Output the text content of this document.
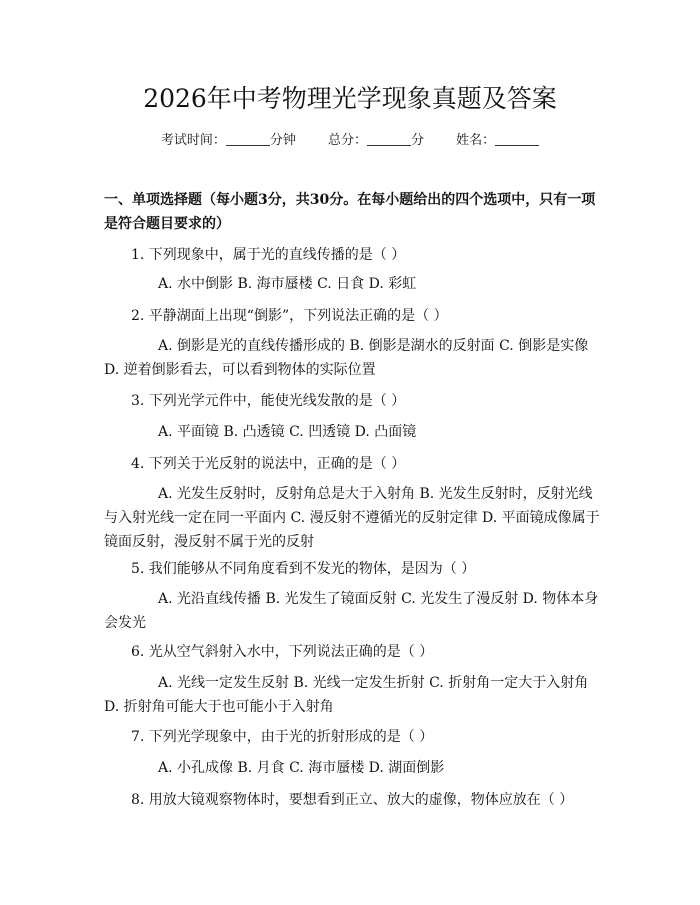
2026年中考物理光学现象真题及答案
考试时间：	分钟 总分：	分 姓名：
一、单项选择题（每小题3分，共30分。在每小题给出的四个选项中，只有一项是符合题目要求的）
1. 下列现象中，属于光的直线传播的是（ ）
A. 水中倒影 B. 海市蜃楼 C. 日食 D. 彩虹
2. 平静湖面上出现“倒影”，下列说法正确的是（ ）
A. 倒影是光的直线传播形成的 B. 倒影是湖水的反射面 C. 倒影是实像 D. 逆着倒影看去，可以看到物体的实际位置
3. 下列光学元件中，能使光线发散的是（ ）
A. 平面镜 B. 凸透镜 C. 凹透镜 D. 凸面镜
4. 下列关于光反射的说法中，正确的是（ ）
A. 光发生反射时，反射角总是大于入射角 B. 光发生反射时，反射光线与入射光线一定在同一平面内 C. 漫反射不遵循光的反射定律 D. 平面镜成像属于镜面反射，漫反射不属于光的反射
5. 我们能够从不同角度看到不发光的物体，是因为（ ）
A. 光沿直线传播 B. 光发生了镜面反射 C. 光发生了漫反射 D. 物体本身会发光
6. 光从空气斜射入水中，下列说法正确的是（ ）
A. 光线一定发生反射 B. 光线一定发生折射 C. 折射角一定大于入射角 D. 折射角可能大于也可能小于入射角
7. 下列光学现象中，由于光的折射形成的是（ ）
A. 小孔成像 B. 月食 C. 海市蜃楼 D. 湖面倒影
8. 用放大镜观察物体时，要想看到正立、放大的虚像，物体应放在（ ）
